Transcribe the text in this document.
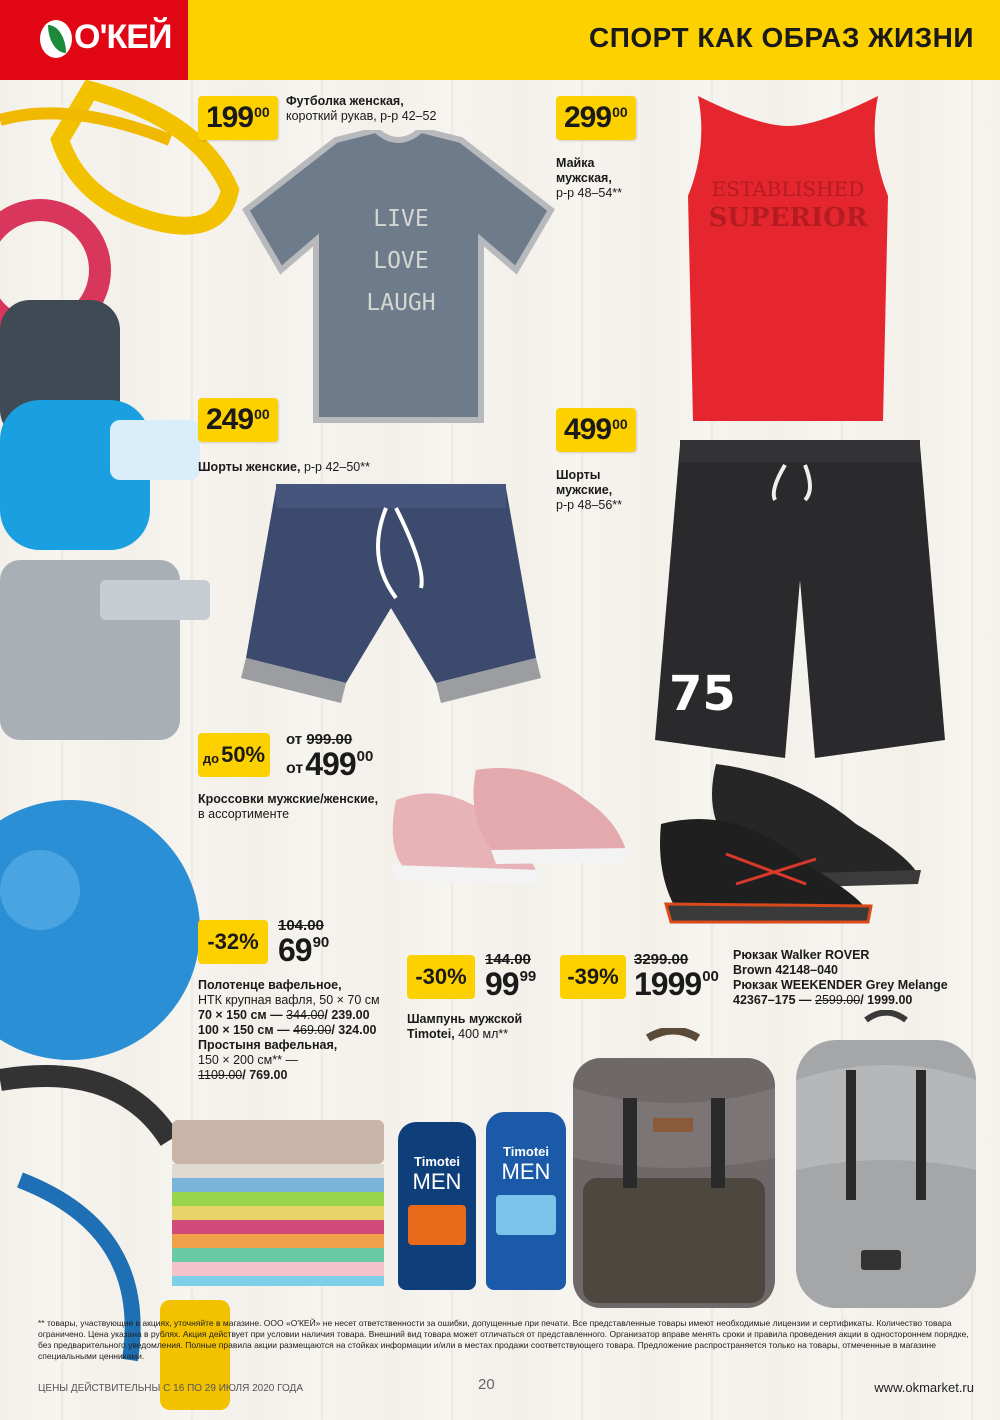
О'КЕЙ	СПОРТ КАК ОБРАЗ ЖИЗНИ
199 00
Футболка женская,
короткий рукав, р-р 42–52
LIVE
LOVE
LAUGH
299 00
Майка
мужская,
р-р 48–54**	ESTABLISHED
SUPERIOR
249 00
Шорты женские, р-р 42–50**
499 00
Шорты
мужские,
р-р 48–56**
75
до 50%
от 999.00
от 499 00
Кроссовки мужские/женские,
в ассортименте
-32%
104.00
69 90
Полотенце вафельное,
НТК крупная вафля, 50 × 70 см
70 × 150 см — 344.00/ 239.00
100 × 150 см — 469.00/ 324.00
Простыня вафельная,
150 × 200 см** —
1109.00/ 769.00
-30%
144.00
99 99
Шампунь мужской
Timotei, 400 мл**
Timotei
MEN
Timotei
MEN
-39%
3299.00
1999 00
Рюкзак Walker ROVER
Brown 42148–040
Рюкзак WEEKENDER Grey Melange
42367–175 — 2599.00/ 1999.00
** товары, участвующие в акциях, уточняйте в магазине. ООО «О'КЕЙ» не несет ответственности за ошибки, допущенные при печати. Все представленные товары имеют необходимые лицензии и сертификаты. Количество товара ограничено. Цена указана в рублях. Акция действует при условии наличия товара. Внешний вид товара может отличаться от представленного. Организатор вправе менять сроки и правила проведения акции в одностороннем порядке, без предварительного уведомления. Полные правила акции размещаются на стойках информации и/или в местах продажи соответствующего товара. Предложение распространяется только на товары, отмеченные в магазине специальными ценниками.
ЦЕНЫ ДЕЙСТВИТЕЛЬНЫ С 16 ПО 29 ИЮЛЯ 2020 ГОДА	20	www.okmarket.ru
